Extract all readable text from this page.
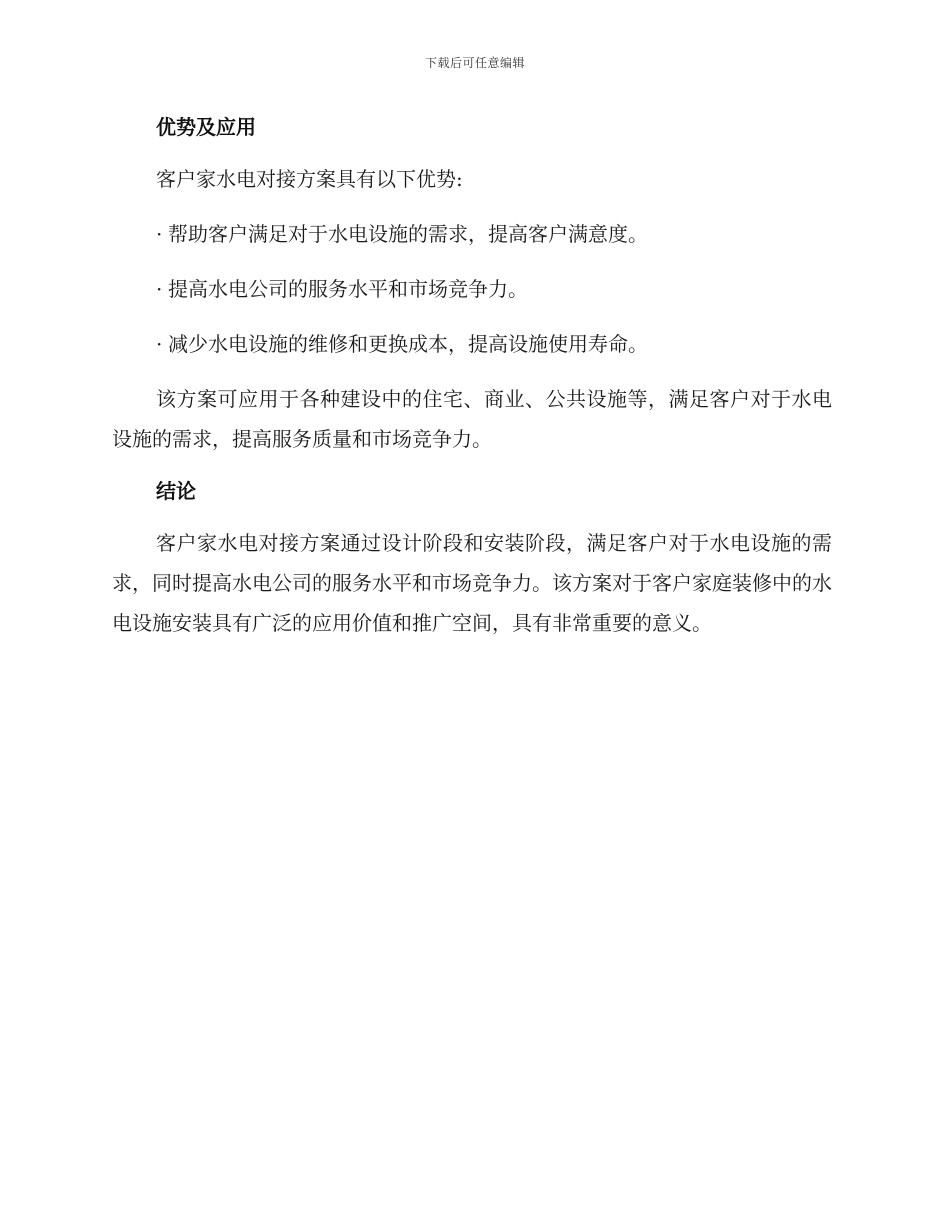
下载后可任意编辑
优势及应用

客户家水电对接方案具有以下优势:

· 帮助客户满足对于水电设施的需求，提高客户满意度。

· 提高水电公司的服务水平和市场竞争力。

· 减少水电设施的维修和更换成本，提高设施使用寿命。

该方案可应用于各种建设中的住宅、商业、公共设施等，满足客户对于水电设施的需求，提高服务质量和市场竞争力。

结论

客户家水电对接方案通过设计阶段和安装阶段，满足客户对于水电设施的需求，同时提高水电公司的服务水平和市场竞争力。该方案对于客户家庭装修中的水电设施安装具有广泛的应用价值和推广空间，具有非常重要的意义。
